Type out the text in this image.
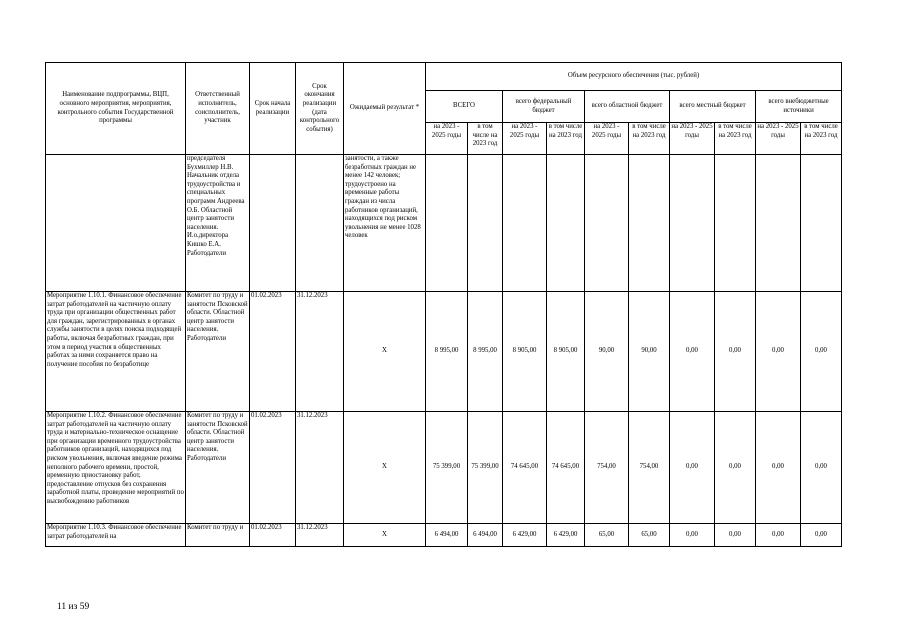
Наименование подпрограммы, ВЦП, основного мероприятия, мероприятия, контрольного события Государственной программы	Ответственный исполнитель, соисполнитель, участник	Срок начала реализации	Срок окончания реализации (дата контрольного события)	Ожидаемый результат *	Объем ресурсного обеспечения (тыс. рублей)									
					ВСЕГО		всего федеральный бюджет		всего областной бюджет		всего местный бюджет		всего внебюджетные источники	
					на 2023 - 2025 годы	в том числе на 2023 год	на 2023 - 2025 годы	в том числе на 2023 год	на 2023 - 2025 годы	в том числе на 2023 год	на 2023 - 2025 годы	в том числе на 2023 год	на 2023 - 2025 годы	в том числе на 2023 год
	председателя Бухмиллер Н.В. Начальник отдела трудоустройства и специальных программ Андреева О.Б. Областной центр занятости населения. И.о.директора Кишко Е.А. Работодатели			занятости, а также безработных граждан не менее 142 человек; трудоустроено на временные работы граждан из числа работников организаций, находящихся под риском увольнения не менее 1028 человек										
Мероприятие 1.10.1. Финансовое обеспечение затрат работодателей на частичную оплату труда при организации общественных работ для граждан, зарегистрированных в органах службы занятости в целях поиска подходящей работы, включая безработных граждан, при этом в период участия в общественных работах за ними сохраняется право на получение пособия по безработице	Комитет по труду и занятости Псковской области. Областной центр занятости населения. Работодатели	01.02.2023	31.12.2023	Х	8 995,00	8 995,00	8 905,00	8 905,00	90,00	90,00	0,00	0,00	0,00	0,00
Мероприятие 1.10.2. Финансовое обеспечение затрат работодателей на частичную оплату труда и материально-техническое оснащение при организации временного трудоустройства работников организаций, находящихся под риском увольнения, включая введение режима неполного рабочего времени, простой, временную приостановку работ, предоставление отпусков без сохранения заработной платы, проведение мероприятий по высвобождению работников	Комитет по труду и занятости Псковской области. Областной центр занятости населения. Работодатели	01.02.2023	31.12.2023	Х	75 399,00	75 399,00	74 645,00	74 645,00	754,00	754,00	0,00	0,00	0,00	0,00
Мероприятие 1.10.3. Финансовое обеспечение затрат работодателей на	Комитет по труду и	01.02.2023	31.12.2023	Х	6 494,00	6 494,00	6 429,00	6 429,00	65,00	65,00	0,00	0,00	0,00	0,00
11 из 59
